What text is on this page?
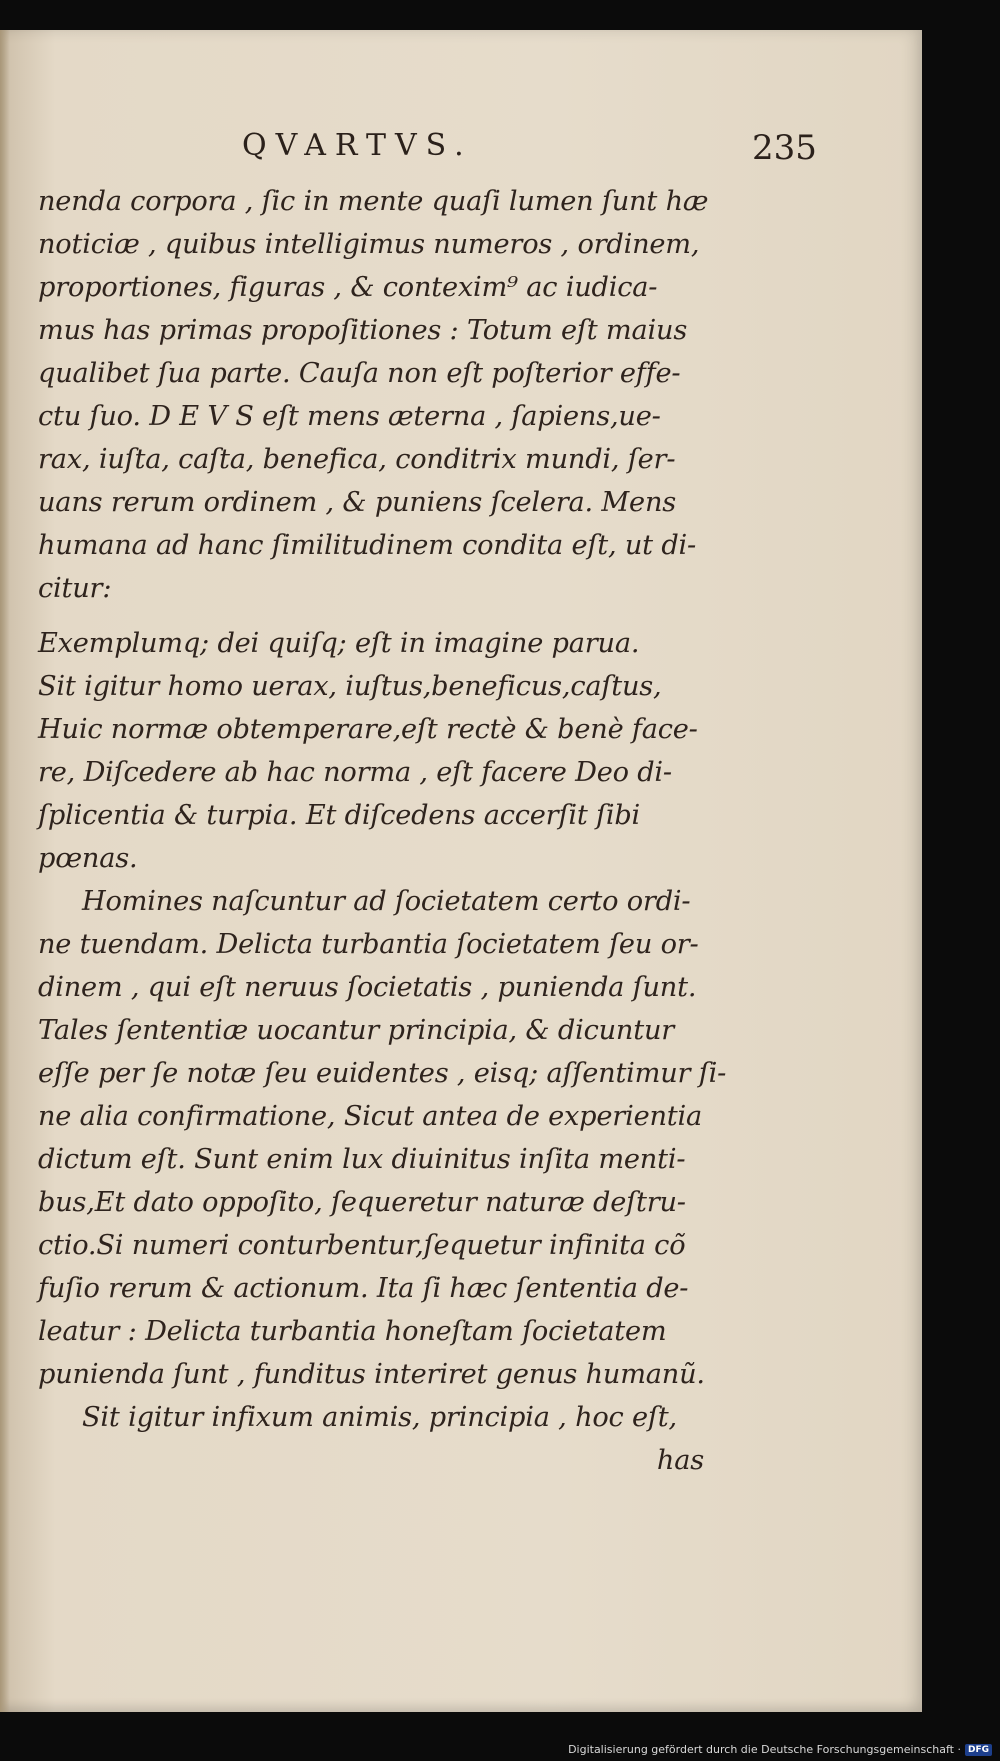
QVARTVS.	235
nenda corpora , ſic in mente quaſi lumen ſunt hæ
noticiæ , quibus intelligimus numeros , ordinem,
proportiones, figuras , & contexim⁹ ac iudica-
mus has primas propoſitiones : Totum eſt maius
qualibet ſua parte. Cauſa non eſt poſterior effe-
ctu ſuo. D E V S eſt mens æterna , ſapiens,ue-
rax, iuſta, caſta, benefica, conditrix mundi, ſer-
uans rerum ordinem , & puniens ſcelera. Mens
humana ad hanc ſimilitudinem condita eſt, ut di-
citur:
Exemplumq; dei quiſq; eſt in imagine parua.
Sit igitur homo uerax, iuſtus,beneficus,caſtus,
Huic normæ obtemperare,eſt rectè & benè face-
re, Diſcedere ab hac norma , eſt facere Deo di-
ſplicentia & turpia. Et diſcedens accerſit ſibi
pœnas.
Homines naſcuntur ad ſocietatem certo ordi-
ne tuendam. Delicta turbantia ſocietatem ſeu or-
dinem , qui eſt neruus ſocietatis , punienda ſunt.
Tales ſententiæ uocantur principia, & dicuntur
eſſe per ſe notæ ſeu euidentes , eisq; aſſentimur ſi-
ne alia confirmatione, Sicut antea de experientia
dictum eſt. Sunt enim lux diuinitus inſita menti-
bus,Et dato oppoſito, ſequeretur naturæ deſtru-
ctio.Si numeri conturbentur,ſequetur infinita cõ
fuſio rerum & actionum. Ita ſi hæc ſententia de-
leatur : Delicta turbantia honeſtam ſocietatem
punienda ſunt , funditus interiret genus humanũ.
Sit igitur infixum animis, principia , hoc eſt,
has
Digitalisierung gefördert durch die Deutsche Forschungsgemeinschaft · DFG
